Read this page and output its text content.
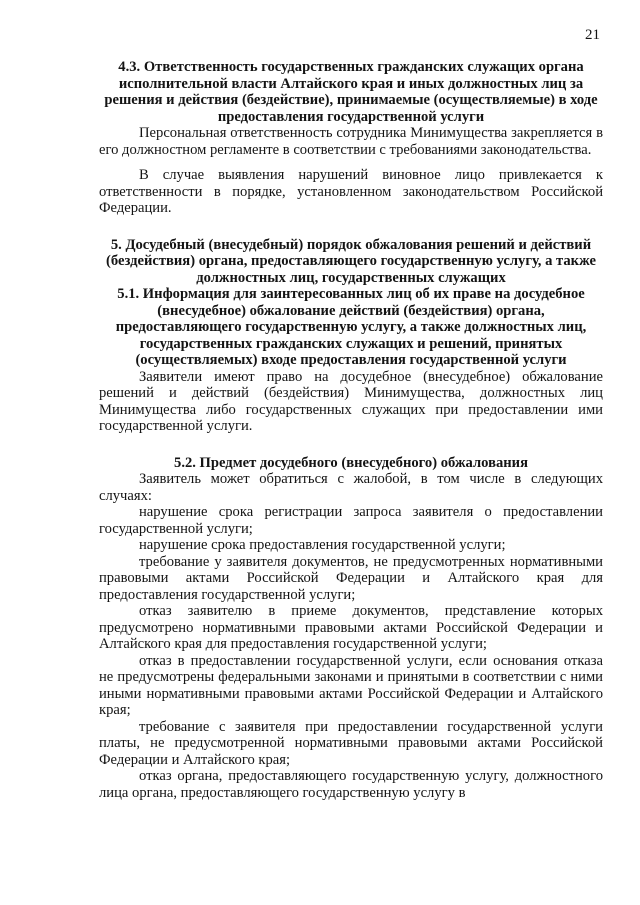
21
4.3. Ответственность государственных гражданских служащих органа исполнительной власти Алтайского края и иных должностных лиц за решения и действия (бездействие), принимаемые (осуществляемые) в ходе предоставления государственной услуги

Персональная ответственность сотрудника Минимущества закрепляется в его должностном регламенте в соответствии с требованиями законодательства.

В случае выявления нарушений виновное лицо привлекается к ответственности в порядке, установленном законодательством Российской Федерации.

5. Досудебный (внесудебный) порядок обжалования решений и действий (бездействия) органа, предоставляющего государственную услугу, а также должностных лиц, государственных служащих
5.1. Информация для заинтересованных лиц об их праве на досудебное (внесудебное) обжалование действий (бездействия) органа, предоставляющего государственную услугу, а также должностных лиц, государственных гражданских служащих и решений, принятых (осуществляемых) входе предоставления государственной услуги

Заявители имеют право на досудебное (внесудебное) обжалование решений и действий (бездействия) Минимущества, должностных лиц Минимущества либо государственных служащих при предоставлении ими государственной услуги.

5.2. Предмет досудебного (внесудебного) обжалования

Заявитель может обратиться с жалобой, в том числе в следующих случаях:

нарушение срока регистрации запроса заявителя о предоставлении государственной услуги;

нарушение срока предоставления государственной услуги;

требование у заявителя документов, не предусмотренных нормативными правовыми актами Российской Федерации и Алтайского края для предоставления государственной услуги;

отказ заявителю в приеме документов, представление которых предусмотрено нормативными правовыми актами Российской Федерации и Алтайского края для предоставления государственной услуги;

отказ в предоставлении государственной услуги, если основания отказа не предусмотрены федеральными законами и принятыми в соответствии с ними иными нормативными правовыми актами Российской Федерации и Алтайского края;

требование с заявителя при предоставлении государственной услуги платы, не предусмотренной нормативными правовыми актами Российской Федерации и Алтайского края;

отказ органа, предоставляющего государственную услугу, должностного лица органа, предоставляющего государственную услугу в
